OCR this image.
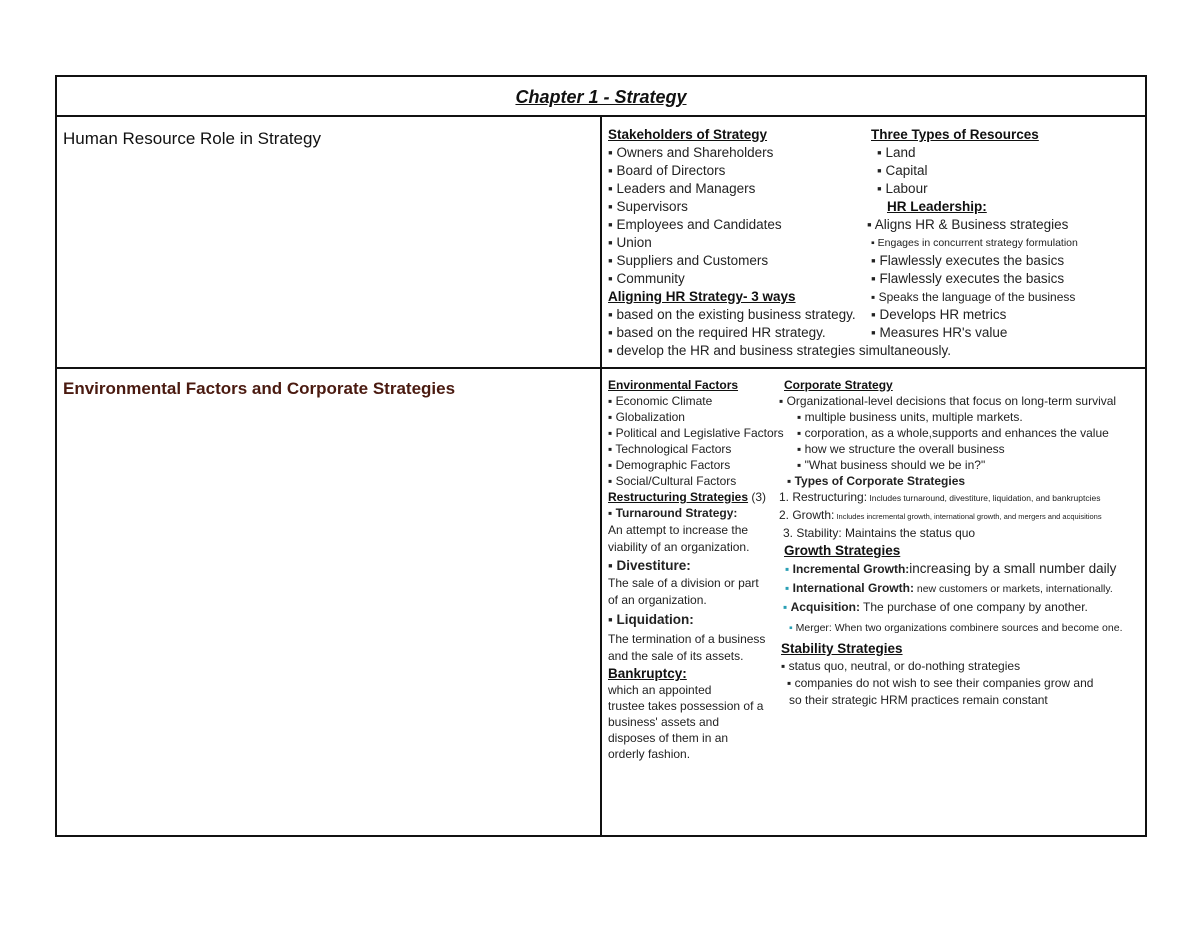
Chapter 1 - Strategy
Human Resource Role in Strategy	Stakeholders of Strategy
▪ Owners and Shareholders
▪ Board of Directors
▪ Leaders and Managers
▪ Supervisors
▪ Employees and Candidates
▪ Union
▪ Suppliers and Customers
▪ Community
Aligning HR Strategy- 3 ways
▪ based on the existing business strategy.
▪ based on the required HR strategy.
▪ develop the HR and business strategies simultaneously.
Three Types of Resources
▪ Land
▪ Capital
▪ Labour
HR Leadership:
▪ Aligns HR & Business strategies
▪ Engages in concurrent strategy formulation
▪ Flawlessly executes the basics
▪ Flawlessly executes the basics
▪ Speaks the language of the business
▪ Develops HR metrics
▪ Measures HR's value
Environmental Factors and Corporate Strategies	Environmental Factors
▪ Economic Climate
▪ Globalization
▪ Political and Legislative Factors
▪ Technological Factors
▪ Demographic Factors
▪ Social/Cultural Factors
Restructuring Strategies (3)
▪ Turnaround Strategy:
An attempt to increase the
viability of an organization.
▪ Divestiture:
The sale of a division or part
of an organization.
▪ Liquidation:
The termination of a business
and the sale of its assets.
Bankruptcy:
which an appointed
trustee takes possession of a
business' assets and
disposes of them in an
orderly fashion.
Corporate Strategy
▪ Organizational-level decisions that focus on long-term survival
▪ multiple business units, multiple markets.
▪ corporation, as a whole,supports and enhances the value
▪ how we structure the overall business
▪ "What business should we be in?"
▪ Types of Corporate Strategies
1. Restructuring: Includes turnaround, divestiture, liquidation, and bankruptcies
2. Growth: Includes incremental growth, international growth, and mergers and acquisitions
3. Stability: Maintains the status quo
Growth Strategies
▪ Incremental Growth:increasing by a small number daily
▪ International Growth: new customers or markets, internationally.
▪ Acquisition: The purchase of one company by another.
▪ Merger: When two organizations combinere sources and become one.
Stability Strategies
▪ status quo, neutral, or do-nothing strategies
▪ companies do not wish to see their companies grow and
so their strategic HRM practices remain constant
